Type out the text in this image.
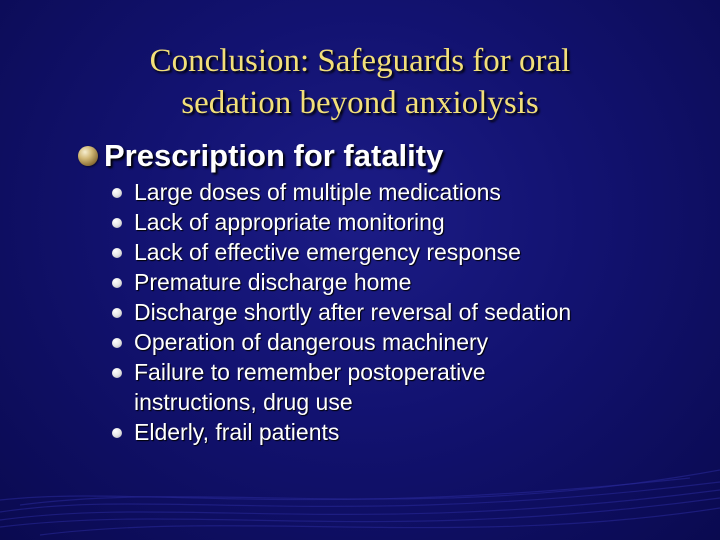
Conclusion: Safeguards for oral
sedation beyond anxiolysis
Prescription for fatality
Large doses of multiple medications
Lack of appropriate monitoring
Lack of effective emergency response
Premature discharge home
Discharge shortly after reversal of sedation
Operation of dangerous machinery
Failure to remember postoperative
instructions, drug use
Elderly, frail patients
